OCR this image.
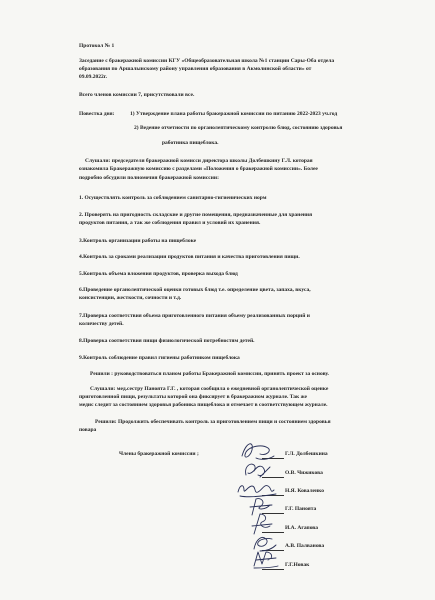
Протокол № 1
Заседание с бракеражной комиссии КГУ «Общеобразовательная школа №1 станции Сары-Оба отдела
образования по Аршалынскому району управления образования в Акмолинской области» от
09.09.2022г.
Всего членов комиссии 7, присутствовали все.
Повестка дня:	1) Утверждение плана работы бракеражной комиссии по питанию 2022-2023 уч.год
2) Ведение отчетности по органолептическому контролю блюд, состоянию здоровья
работника пищеблока.
Слушали: председателя бракеражной комисси директора школы Долбешкину Г.Л. которая
ознакомила Бракеражную комиссию с разделами «Положения о бракеражной комиссии». Более
подробно обсудили полномочия бракеражной комиссии:
1. Осуществлять контроль за соблюдением санитарно-гигиенических норм
2. Проверять на пригодность складские и другие помещения, предназначенные для хранения
продуктов питания, а так же соблюдения правил и условий их хранения.
3.Контроль организации работы на пищеблоке
4.Контроль за сроками реализации продуктов питания и качества приготовления пищи.
5.Контроль объема вложения продуктов, проверка выхода блюд
6.Проведение органолептической оценки готовых блюд т.е. определение цвета, запаха, вкуса,
консистенции, жесткости, сочности и т.д.
7.Проверка соответствия объема приготовленного питания объему реализованных порций и
количеству детей.
8.Проверка соответствия пищи физиологической потребностям детей.
9.Контроль соблюдение правил гигиены работником пищеблока
Решили : руководствоваться планом работы Бракеражной комиссии, принять проект за основу.
Слушали: мед.сестру Паноята Г.Г. , которая сообщила о ежедневной органолептической оценке
приготовленной пищи, результаты которой она фиксирует в бракеражном журнале. Так же
медис следит за состоянием здоровья рабоника пищеблока и отмечает в соответствующем журнале.
Решили: Продолжить обеспечивать контроль за приготовлением пищи и состоянием здоровья
повара
Члены бракеражной комиссии ;	Г.Л. Долбешкина
О.В. Чижикова
Н.Я. Коваленко
Г.Г. Паноята
И.А. Агапова
А.В. Палванова
Г.Г.Новак
